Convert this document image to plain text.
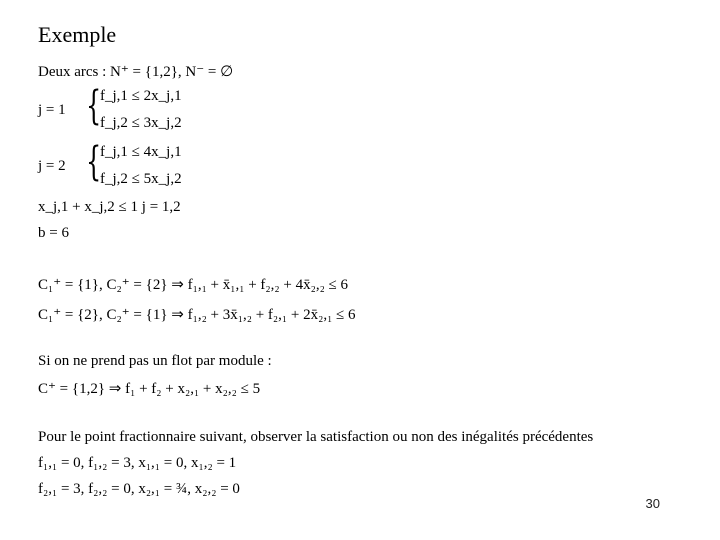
Exemple
Deux arcs : N⁺ = {1,2}, N⁻ = ∅
j = 1 {
f_j,1 ≤ 2x_j,1
f_j,2 ≤ 3x_j,2
j = 2 {
f_j,1 ≤ 4x_j,1
f_j,2 ≤ 5x_j,2
x_j,1 + x_j,2 ≤ 1 j = 1,2
b = 6
C₁⁺ = {1}, C₂⁺ = {2} ⇒ f₁,₁ + x̄₁,₁ + f₂,₂ + 4x̄₂,₂ ≤ 6
C₁⁺ = {2}, C₂⁺ = {1} ⇒ f₁,₂ + 3x̄₁,₂ + f₂,₁ + 2x̄₂,₁ ≤ 6
Si on ne prend pas un flot par module :
C⁺ = {1,2} ⇒ f₁ + f₂ + x₂,₁ + x₂,₂ ≤ 5
Pour le point fractionnaire suivant, observer la satisfaction ou non des inégalités précédentes
f₁,₁ = 0, f₁,₂ = 3, x₁,₁ = 0, x₁,₂ = 1
f₂,₁ = 3, f₂,₂ = 0, x₂,₁ = ¾, x₂,₂ = 0
30
